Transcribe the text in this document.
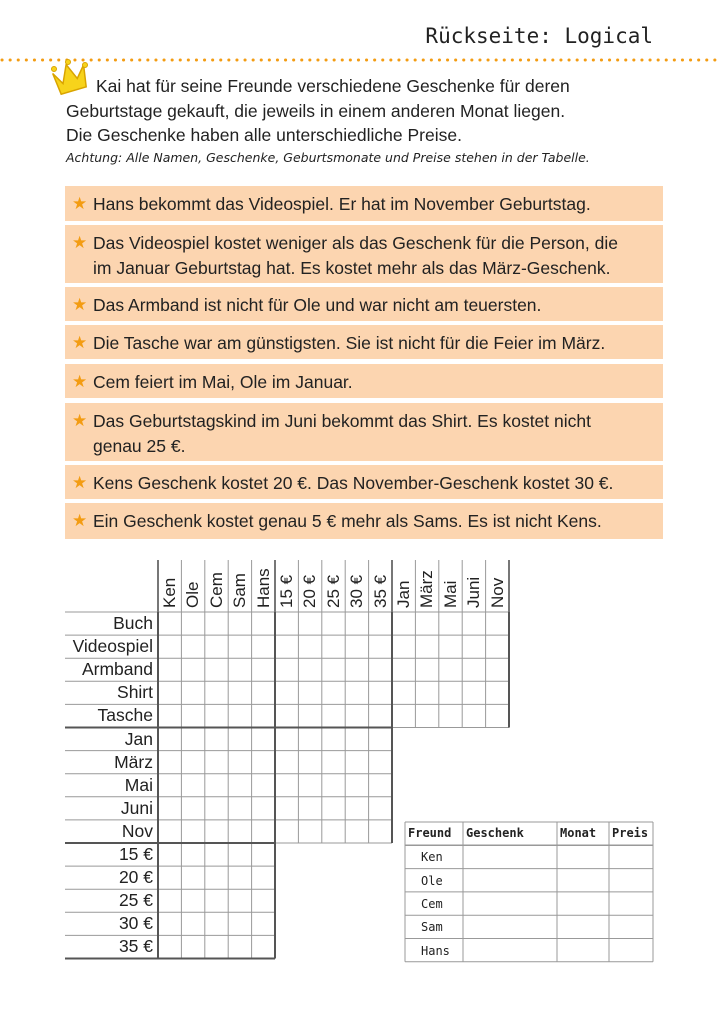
Rückseite: Logical
Kai hat für seine Freunde verschiedene Geschenke für deren
Geburtstage gekauft, die jeweils in einem anderen Monat liegen.
Die Geschenke haben alle unterschiedliche Preise.
Achtung: Alle Namen, Geschenke, Geburtsmonate und Preise stehen in der Tabelle.
★ Hans bekommt das Videospiel. Er hat im November Geburtstag.
★ Das Videospiel kostet weniger als das Geschenk für die Person, die
im Januar Geburtstag hat. Es kostet mehr als das März-Geschenk.
★ Das Armband ist nicht für Ole und war nicht am teuersten.
★ Die Tasche war am günstigsten. Sie ist nicht für die Feier im März.
★ Cem feiert im Mai, Ole im Januar.
★ Das Geburtstagskind im Juni bekommt das Shirt. Es kostet nicht
genau 25 €.
★ Kens Geschenk kostet 20 €. Das November-Geschenk kostet 30 €.
★ Ein Geschenk kostet genau 5 € mehr als Sams. Es ist nicht Kens.
Ken Ole Cem Sam Hans 15 € 20 € 25 € 30 € 35 € Jan März Mai Juni Nov
Buch
Videospiel
Armband
Shirt
Tasche
Jan
März
Mai
Juni
Nov
15 €
20 €
25 €
30 €
35 €
Freund Geschenk	Monat Preis
Ken
Ole
Cem
Sam
Hans
